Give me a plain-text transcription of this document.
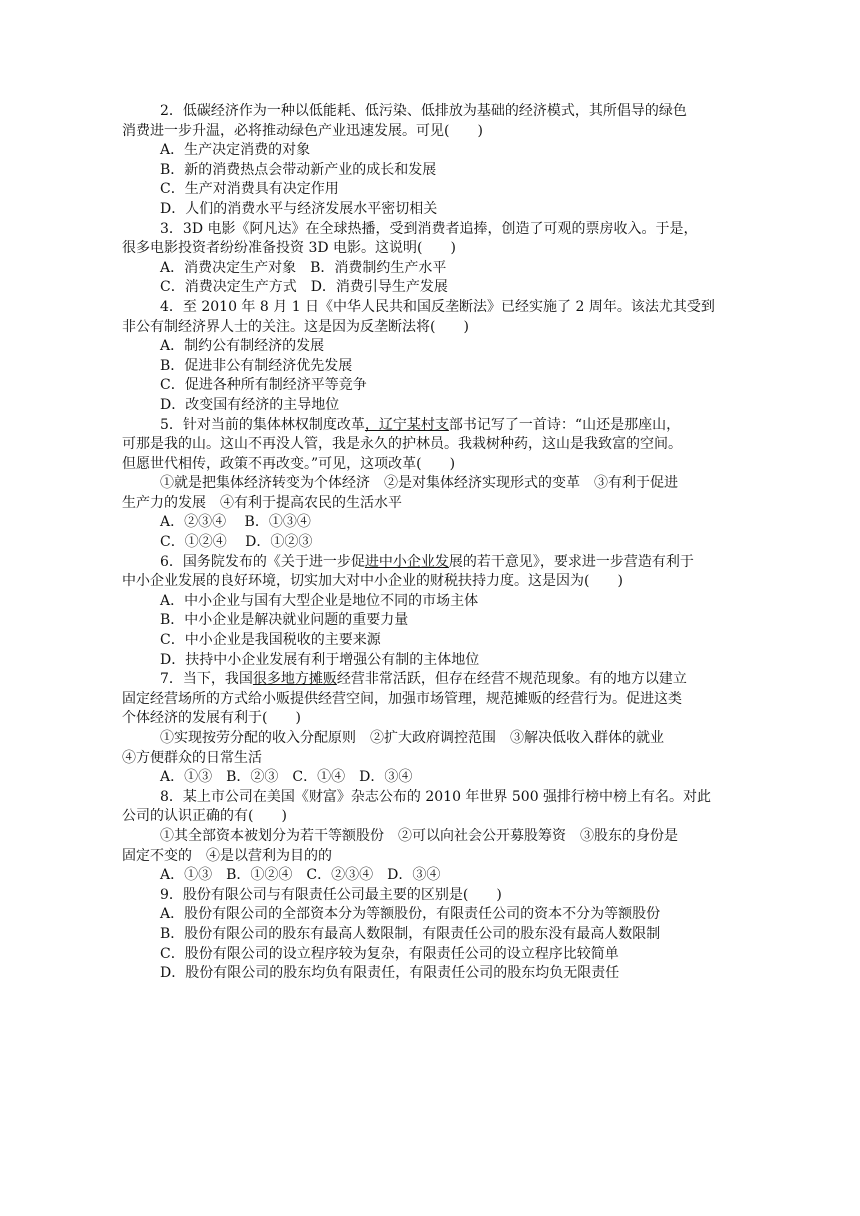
2．低碳经济作为一种以低能耗、低污染、低排放为基础的经济模式，其所倡导的绿色
消费进一步升温，必将推动绿色产业迅速发展。可见(　　)
A．生产决定消费的对象
B．新的消费热点会带动新产业的成长和发展
C．生产对消费具有决定作用
D．人们的消费水平与经济发展水平密切相关
3．3D 电影《阿凡达》在全球热播，受到消费者追捧，创造了可观的票房收入。于是，
很多电影投资者纷纷准备投资 3D 电影。这说明(　　)
A．消费决定生产对象　B．消费制约生产水平
C．消费决定生产方式　D．消费引导生产发展
4．至 2010 年 8 月 1 日《中华人民共和国反垄断法》已经实施了 2 周年。该法尤其受到
非公有制经济界人士的关注。这是因为反垄断法将(　　)
A．制约公有制经济的发展
B．促进非公有制经济优先发展
C．促进各种所有制经济平等竞争
D．改变国有经济的主导地位
5．针对当前的集体林权制度改革，辽宁某村支部书记写了一首诗：“山还是那座山，
可那是我的山。这山不再没人管，我是永久的护林员。我栽树种药，这山是我致富的空间。
但愿世代相传，政策不再改变。”可见，这项改革(　　)
①就是把集体经济转变为个体经济　②是对集体经济实现形式的变革　③有利于促进
生产力的发展　④有利于提高农民的生活水平
A．②③④　 B．①③④
C．①②④　 D．①②③
6．国务院发布的《关于进一步促进中小企业发展的若干意见》，要求进一步营造有利于
中小企业发展的良好环境，切实加大对中小企业的财税扶持力度。这是因为(　　)
A．中小企业与国有大型企业是地位不同的市场主体
B．中小企业是解决就业问题的重要力量
C．中小企业是我国税收的主要来源
D．扶持中小企业发展有利于增强公有制的主体地位
7．当下，我国很多地方摊贩经营非常活跃，但存在经营不规范现象。有的地方以建立
固定经营场所的方式给小贩提供经营空间，加强市场管理，规范摊贩的经营行为。促进这类
个体经济的发展有利于(　　)
①实现按劳分配的收入分配原则　②扩大政府调控范围　③解决低收入群体的就业
④方便群众的日常生活
A．①③　B．②③　C．①④　D．③④
8．某上市公司在美国《财富》杂志公布的 2010 年世界 500 强排行榜中榜上有名。对此
公司的认识正确的有(　　)
①其全部资本被划分为若干等额股份　②可以向社会公开募股筹资　③股东的身份是
固定不变的　④是以营利为目的的
A．①③　B．①②④　C．②③④　D．③④
9．股份有限公司与有限责任公司最主要的区别是(　　)
A．股份有限公司的全部资本分为等额股份，有限责任公司的资本不分为等额股份
B．股份有限公司的股东有最高人数限制，有限责任公司的股东没有最高人数限制
C．股份有限公司的设立程序较为复杂，有限责任公司的设立程序比较简单
D．股份有限公司的股东均负有限责任，有限责任公司的股东均负无限责任
